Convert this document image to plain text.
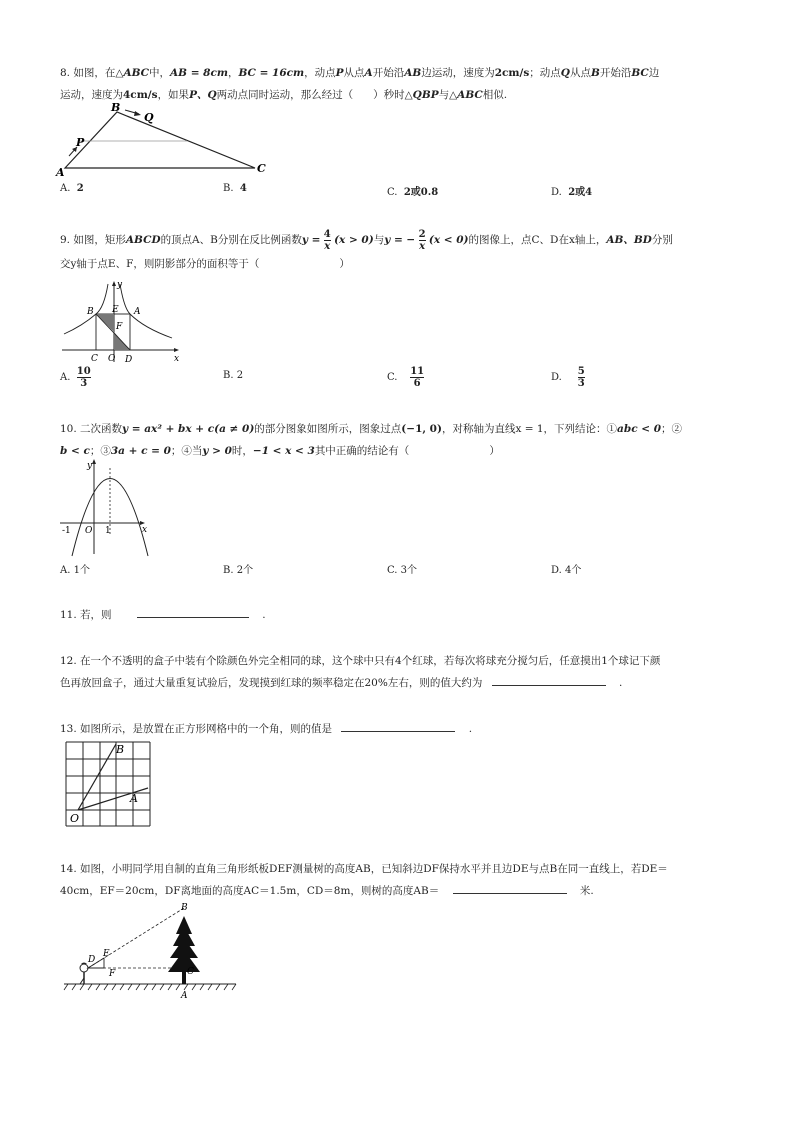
8. 如图，在△ABC中，AB = 8cm，BC = 16cm，动点P从点A开始沿AB边运动，速度为2cm/s；动点Q从点B开始沿BC边
运动，速度为4cm/s，如果P、Q两动点同时运动，那么经过（ ）秒时△QBP与△ABC相似.
A
B
C
P
Q
A. 2	B. 4	C. 2或0.8	D. 2或4
9. 如图，矩形ABCD的顶点A、B分别在反比例函数$y = \frac{4}{x} (x > 0)$与y = − $\frac{2}{x} (x < 0)$的图像上，点C、D在x轴上，AB、BD分别
交y轴于点E、F，则阴影部分的面积等于（	）
y
x
B E A
F
C O D
A. $\frac{10}{3}$	B. 2	C. $\frac{11}{6}$	D. $\frac{5}{3}$
10. 二次函数y = ax² + bx + c(a ≠ 0)的部分图象如图所示，图象过点(−1, 0)，对称轴为直线x = 1，下列结论：①abc < 0；②
b < c；③3a + c = 0；④当y > 0时，−1 < x < 3其中正确的结论有（	）
y
x
-1 O 1
A. 1个	B. 2个	C. 3个	D. 4个
11. 若，则	.
12. 在一个不透明的盒子中装有个除颜色外完全相同的球，这个球中只有4个红球，若每次将球充分搅匀后，任意摸出1个球记下颜
色再放回盒子，通过大量重复试验后，发现摸到红球的频率稳定在20%左右，则的值大约为	.
13. 如图所示，是放置在正方形网格中的一个角，则的值是	.
B
A
O
14. 如图，小明同学用自制的直角三角形纸板DEF测量树的高度AB，已知斜边DF保持水平并且边DE与点B在同一直线上，若DE＝
40cm，EF＝20cm，DF离地面的高度AC＝1.5m，CD＝8m，则树的高度AB＝	米.
B
D
E
F	C
A
